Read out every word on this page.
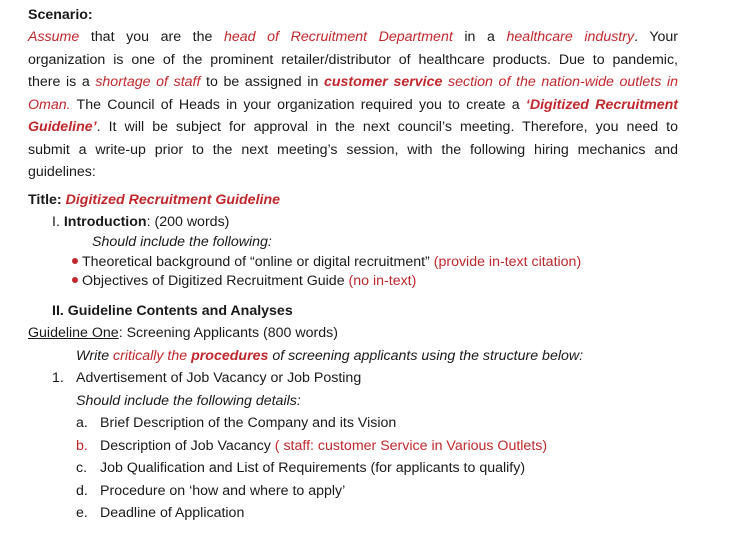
Scenario:
Assume that you are the head of Recruitment Department in a healthcare industry. Your
organization is one of the prominent retailer/distributor of healthcare products. Due to pandemic,
there is a shortage of staff to be assigned in customer service section of the nation-wide outlets in
Oman. The Council of Heads in your organization required you to create a ‘Digitized Recruitment
Guideline’. It will be subject for approval in the next council’s meeting. Therefore, you need to
submit a write-up prior to the next meeting’s session, with the following hiring mechanics and
guidelines:
Title: Digitized Recruitment Guideline
I. Introduction: (200 words)
Should include the following:
Theoretical background of “online or digital recruitment” (provide in-text citation)
Objectives of Digitized Recruitment Guide (no in-text)
II. Guideline Contents and Analyses
Guideline One: Screening Applicants (800 words)
Write critically the procedures of screening applicants using the structure below:
1. Advertisement of Job Vacancy or Job Posting
Should include the following details:
a. Brief Description of the Company and its Vision
b. Description of Job Vacancy ( staff: customer Service in Various Outlets)
c. Job Qualification and List of Requirements (for applicants to qualify)
d. Procedure on ‘how and where to apply’
e. Deadline of Application
